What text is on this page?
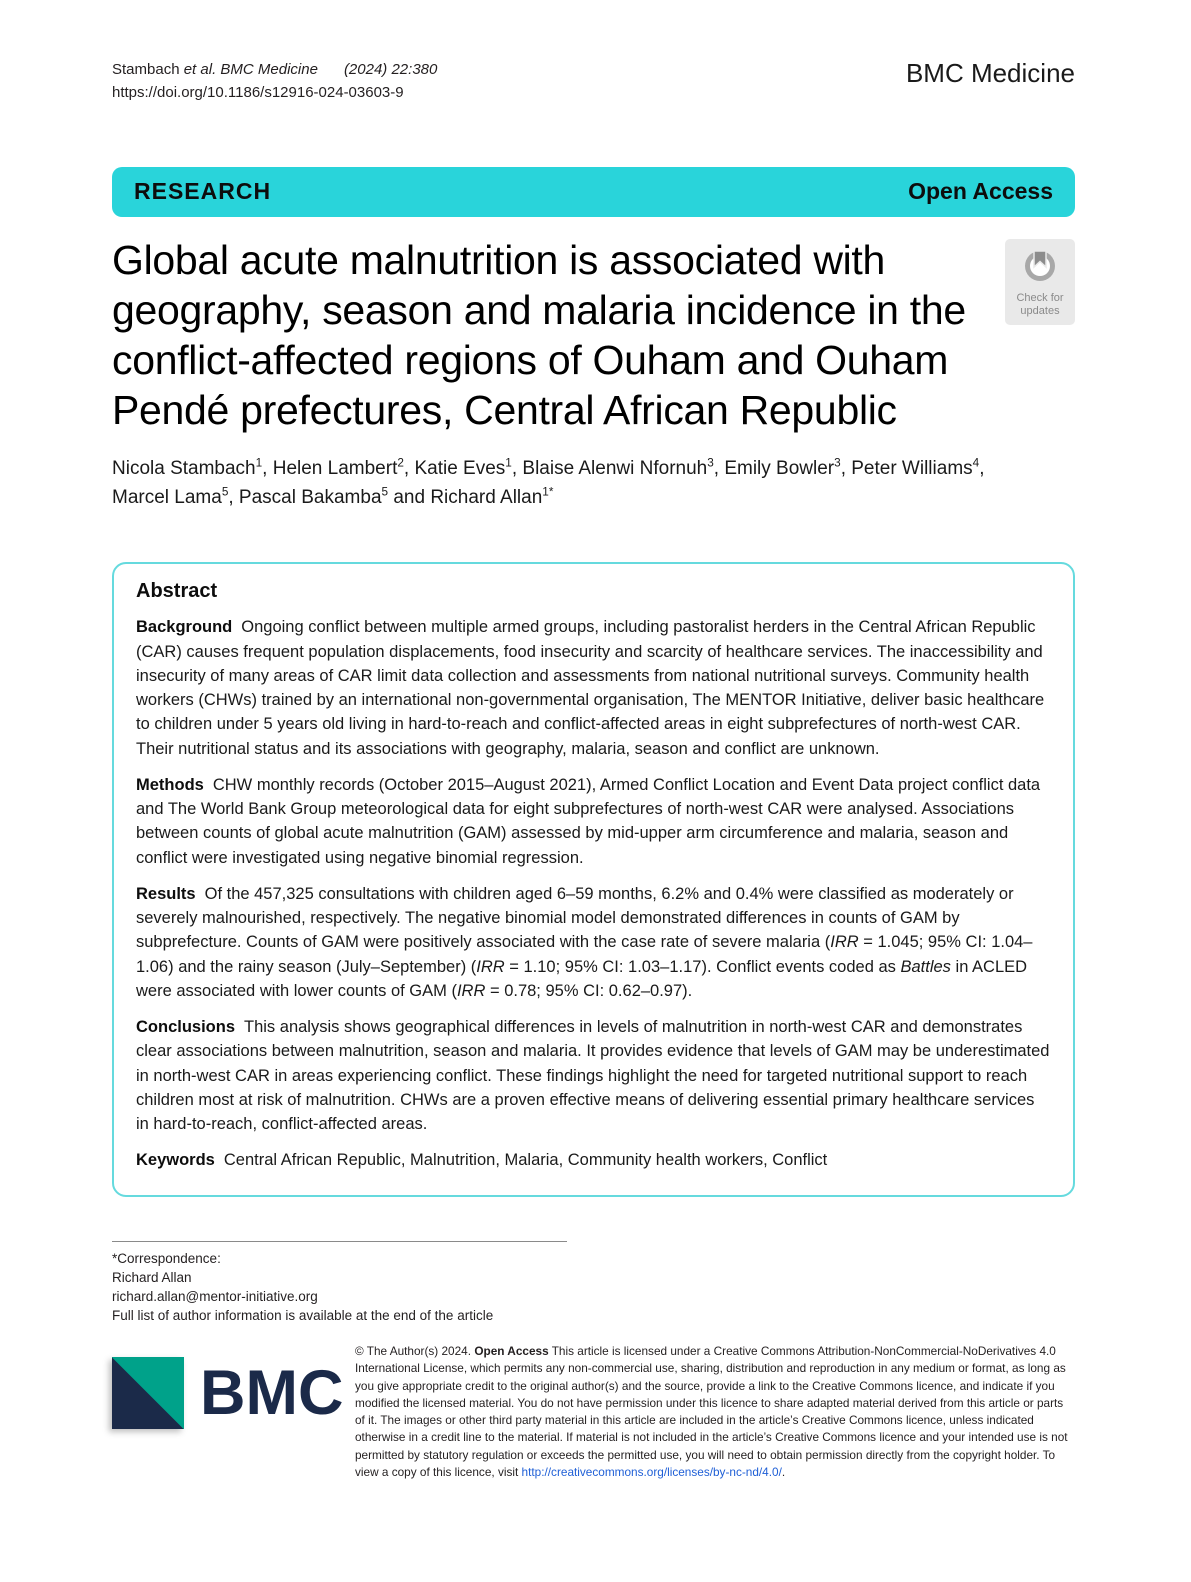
Stambach et al. BMC Medicine (2024) 22:380
https://doi.org/10.1186/s12916-024-03603-9
BMC Medicine
RESEARCH	Open Access
Global acute malnutrition is associated with geography, season and malaria incidence in the conflict-affected regions of Ouham and Ouham Pendé prefectures, Central African Republic
Check for
updates

Nicola Stambach$^1$, Helen Lambert$^2$, Katie Eves$^1$, Blaise Alenwi Nfornuh$^3$, Emily Bowler$^3$, Peter Williams$^4$, Marcel Lama$^5$, Pascal Bakamba$^5$ and Richard Allan$^{1*}$

Abstract

Background Ongoing conflict between multiple armed groups, including pastoralist herders in the Central African Republic (CAR) causes frequent population displacements, food insecurity and scarcity of healthcare services. The inaccessibility and insecurity of many areas of CAR limit data collection and assessments from national nutritional surveys. Community health workers (CHWs) trained by an international non-governmental organisation, The MENTOR Initiative, deliver basic healthcare to children under 5 years old living in hard-to-reach and conflict-affected areas in eight subprefectures of north-west CAR. Their nutritional status and its associations with geography, malaria, season and conflict are unknown.

Methods CHW monthly records (October 2015–August 2021), Armed Conflict Location and Event Data project conflict data and The World Bank Group meteorological data for eight subprefectures of north-west CAR were analysed. Associations between counts of global acute malnutrition (GAM) assessed by mid-upper arm circumference and malaria, season and conflict were investigated using negative binomial regression.

Results Of the 457,325 consultations with children aged 6–59 months, 6.2% and 0.4% were classified as moderately or severely malnourished, respectively. The negative binomial model demonstrated differences in counts of GAM by subprefecture. Counts of GAM were positively associated with the case rate of severe malaria (IRR = 1.045; 95% CI: 1.04–1.06) and the rainy season (July–September) (IRR = 1.10; 95% CI: 1.03–1.17). Conflict events coded as Battles in ACLED were associated with lower counts of GAM (IRR = 0.78; 95% CI: 0.62–0.97).

Conclusions This analysis shows geographical differences in levels of malnutrition in north-west CAR and demonstrates clear associations between malnutrition, season and malaria. It provides evidence that levels of GAM may be underestimated in north-west CAR in areas experiencing conflict. These findings highlight the need for targeted nutritional support to reach children most at risk of malnutrition. CHWs are a proven effective means of delivering essential primary healthcare services in hard-to-reach, conflict-affected areas.

Keywords Central African Republic, Malnutrition, Malaria, Community health workers, Conflict

*Correspondence:
Richard Allan
richard.allan@mentor-initiative.org
Full list of author information is available at the end of the article
BMC

© The Author(s) 2024. Open Access This article is licensed under a Creative Commons Attribution-NonCommercial-NoDerivatives 4.0 International License, which permits any non-commercial use, sharing, distribution and reproduction in any medium or format, as long as you give appropriate credit to the original author(s) and the source, provide a link to the Creative Commons licence, and indicate if you modified the licensed material. You do not have permission under this licence to share adapted material derived from this article or parts of it. The images or other third party material in this article are included in the article’s Creative Commons licence, unless indicated otherwise in a credit line to the material. If material is not included in the article’s Creative Commons licence and your intended use is not permitted by statutory regulation or exceeds the permitted use, you will need to obtain permission directly from the copyright holder. To view a copy of this licence, visit http://creativecommons.org/licenses/by-nc-nd/4.0/.
